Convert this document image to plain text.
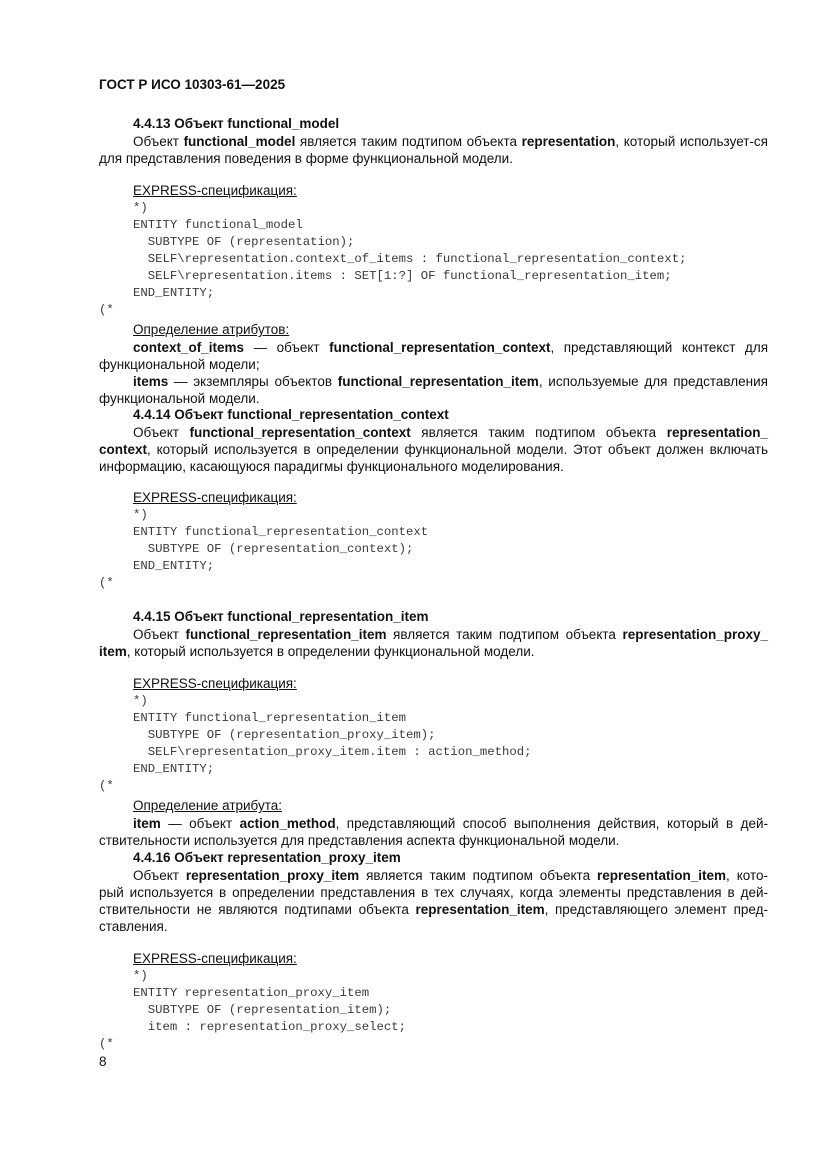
ГОСТ Р ИСО 10303-61—2025
4.4.13 Объект functional_model
Объект functional_model является таким подтипом объекта representation, который использует-ся для представления поведения в форме функциональной модели.
EXPRESS-спецификация:
*)
ENTITY functional_model
SUBTYPE OF (representation);
SELF\representation.context_of_items : functional_representation_context;
SELF\representation.items : SET[1:?] OF functional_representation_item;
END_ENTITY;
(*
Определение атрибутов:
context_of_items — объект functional_representation_context, представляющий контекст для функциональной модели;
items — экземпляры объектов functional_representation_item, используемые для представления функциональной модели.
4.4.14 Объект functional_representation_context
Объект functional_representation_context является таким подтипом объекта representation_ context, который используется в определении функциональной модели. Этот объект должен включать информацию, касающуюся парадигмы функционального моделирования.
EXPRESS-спецификация:
*)
ENTITY functional_representation_context
SUBTYPE OF (representation_context);
END_ENTITY;
(*
4.4.15 Объект functional_representation_item
Объект functional_representation_item является таким подтипом объекта representation_proxy_ item, который используется в определении функциональной модели.
EXPRESS-спецификация:
*)
ENTITY functional_representation_item
SUBTYPE OF (representation_proxy_item);
SELF\representation_proxy_item.item : action_method;
END_ENTITY;
(*
Определение атрибута:
item — объект action_method, представляющий способ выполнения действия, который в дей-ствительности используется для представления аспекта функциональной модели.
4.4.16 Объект representation_proxy_item
Объект representation_proxy_item является таким подтипом объекта representation_item, кото-рый используется в определении представления в тех случаях, когда элементы представления в дей-ствительности не являются подтипами объекта representation_item, представляющего элемент пред-ставления.
EXPRESS-спецификация:
*)
ENTITY representation_proxy_item
SUBTYPE OF (representation_item);
item : representation_proxy_select;
(*
8
